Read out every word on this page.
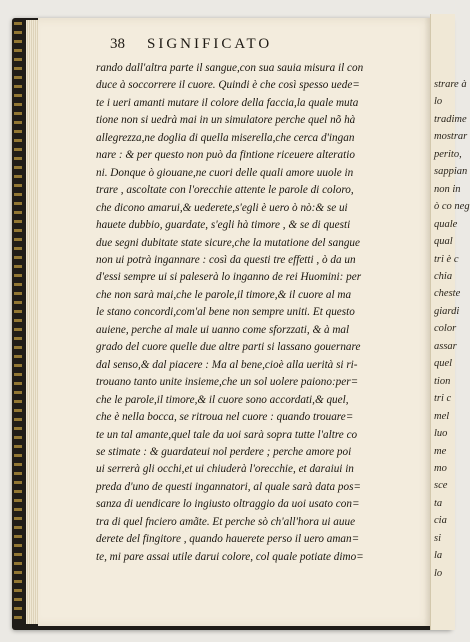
38 SIGNIFICATO
rando dall'altra parte il sangue,con sua sauia misura il con
duce à soccorrere il cuore. Quindi è che così spesso uede=
te i ueri amanti mutare il colore della faccia,la quale muta
tione non si uedrà mai in un simulatore perche quel nõ hà
allegrezza,ne doglia di quella miserella,che cerca d'ingan
nare : & per questo non può da fintione riceuere alteratio
ni. Donque ò giouane,ne cuori delle quali amore uuole in
trare , ascoltate con l'orecchie attente le parole di coloro,
che dicono amarui,& uederete,s'egli è uero ò nò:& se ui
hauete dubbio, guardate, s'egli hà timore , & se di questi
due segni dubitate state sicure,che la mutatione del sangue
non ui potrà ingannare : così da questi tre effetti , ò da un
d'essi sempre ui si paleserà lo inganno de rei Huomini: per
che non sarà mai,che le parole,il timore,& il cuore al ma
le stano concordi,com'al bene non sempre uniti. Et questo
auiene, perche al male ui uanno come sforzzati, & à mal
grado del cuore quelle due altre parti si lassano gouernare
dal senso,& dal piacere : Ma al bene,cioè alla uerità si ri-
trouano tanto unite insieme,che un sol uolere paiono:per=
che le parole,il timore,& il cuore sono accordati,& quel,
che è nella bocca, se ritroua nel cuore : quando trouare=
te un tal amante,quel tale da uoi sarà sopra tutte l'altre co
se stimate : & guardateui nol perdere ; perche amore poi
ui serrerà gli occhi,et ui chiuderà l'orecchie, et daraiui in
preda d'uno de questi ingannatori, al quale sarà data pos=
sanza di uendicare lo ingiusto oltraggio da uoi usato con=
tra di quel fnciero amãte. Et perche sò ch'all'hora ui auue
derete del fingitore , quando hauerete perso il uero aman=
te, mi pare assai utile darui colore, col quale potiate dimo=
strare à
lo
tradime
mostrar
perito,
sappian
non in
ò co neg
quale
qual
tri è c
chia
cheste
giardi
color
assar
quel
tion
tri c
mel
luo
me
mo
sce
ta
cia
si
la
lo
